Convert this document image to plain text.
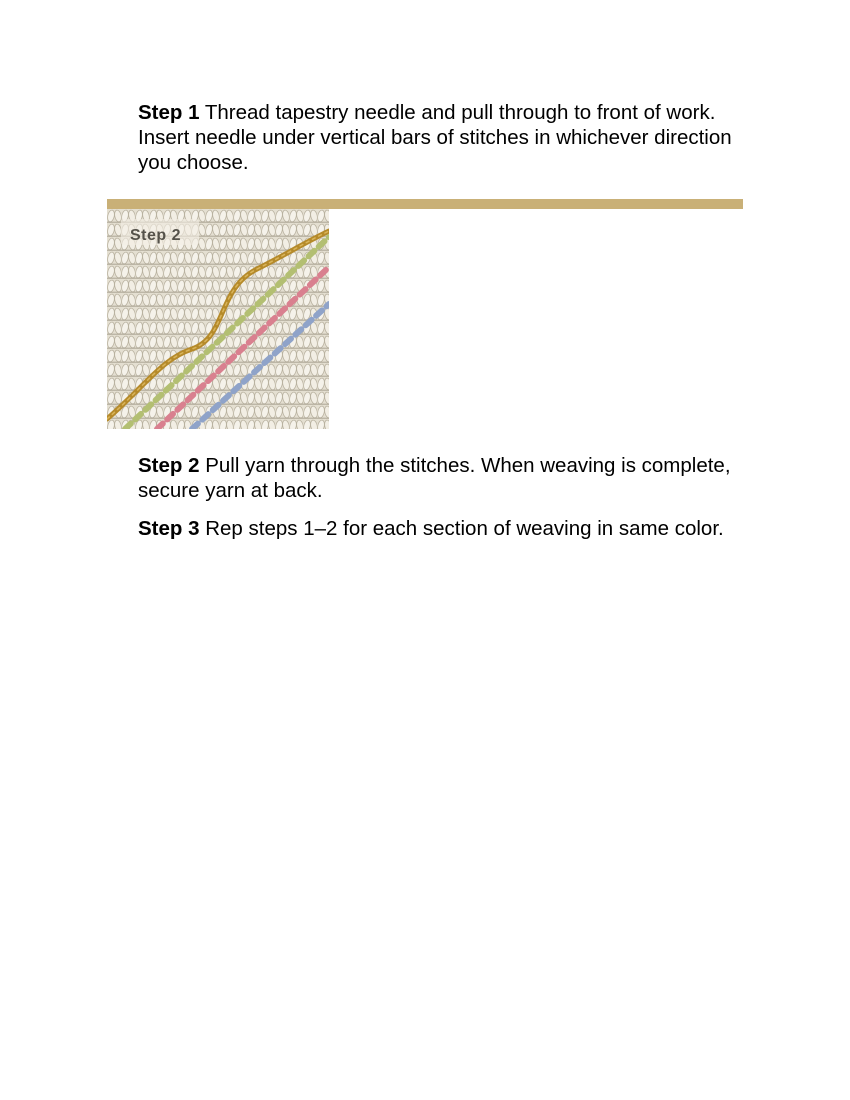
Step 1 Thread tapestry needle and pull through to front of work. Insert needle under vertical bars of stitches in whichever direction you choose.

Step 2

Step 2 Pull yarn through the stitches. When weaving is complete, secure yarn at back.

Step 3 Rep steps 1–2 for each section of weaving in same color.
